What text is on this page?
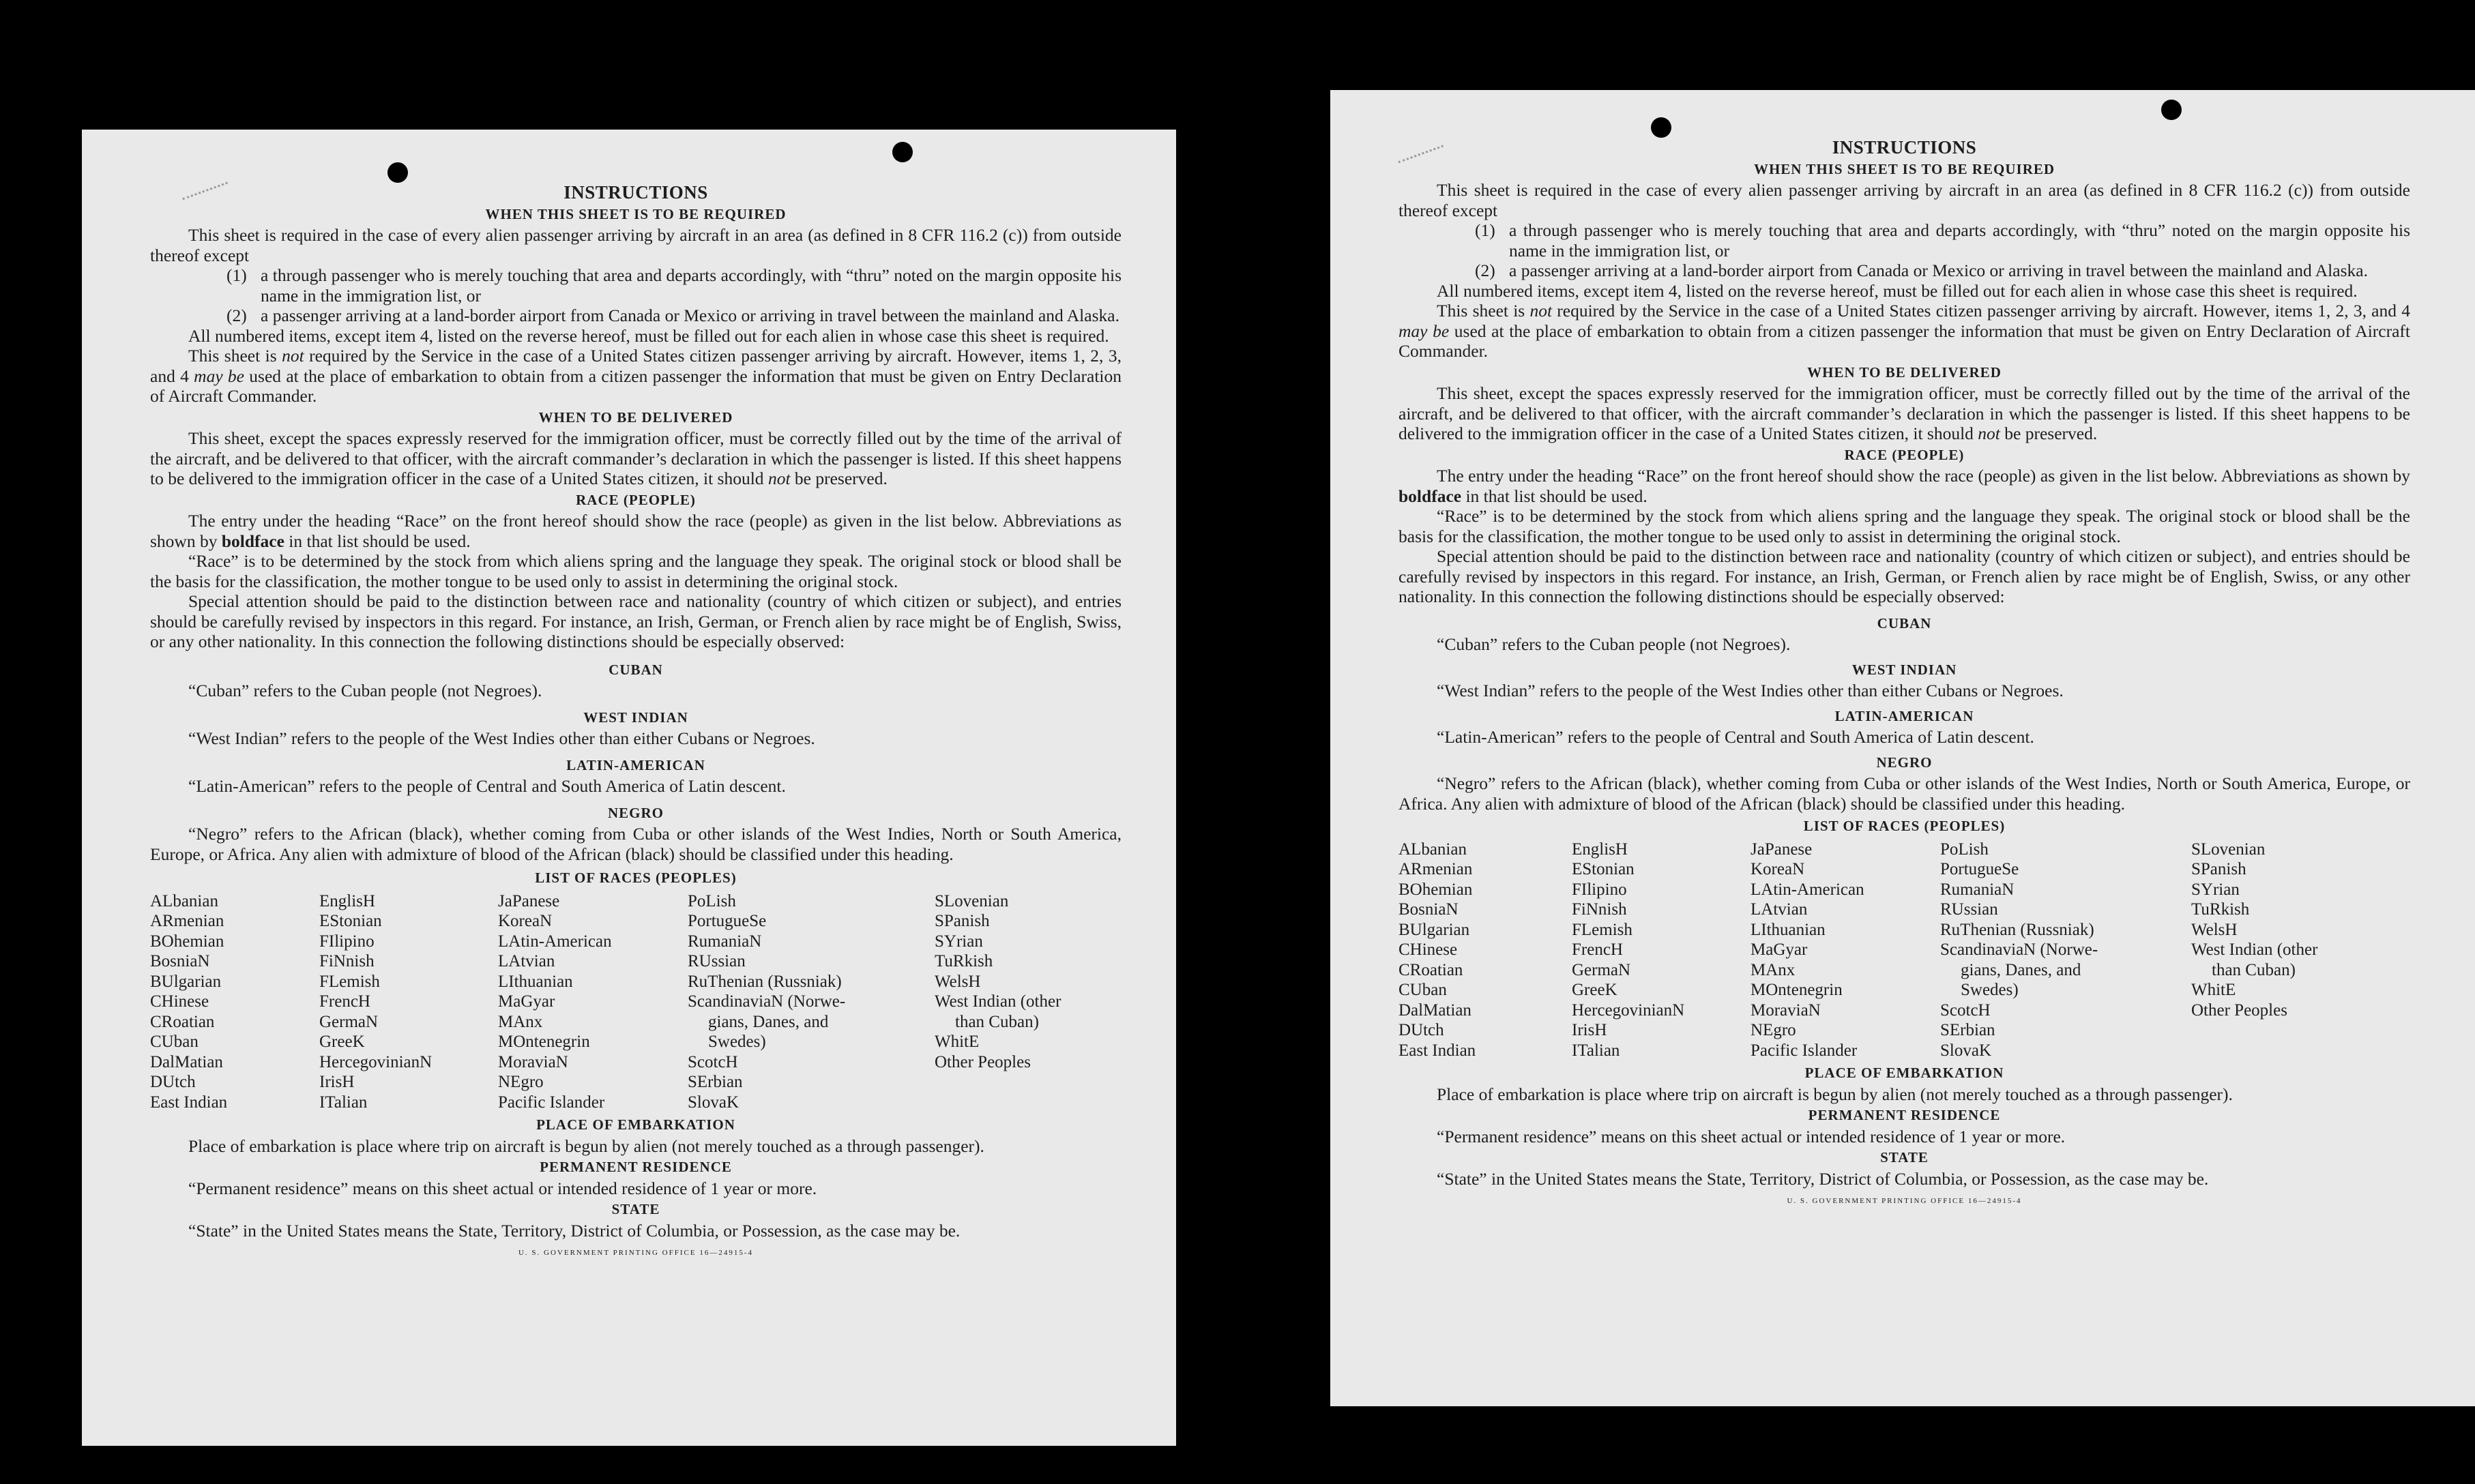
INSTRUCTIONS
WHEN THIS SHEET IS TO BE REQUIRED

This sheet is required in the case of every alien passenger arriving by aircraft in an area (as defined in 8 CFR 116.2 (c)) from outside thereof except

(1) a through passenger who is merely touching that area and departs accordingly, with “thru” noted on the margin opposite his name in the immigration list, or
(2) a passenger arriving at a land-border airport from Canada or Mexico or arriving in travel between the mainland and Alaska.

All numbered items, except item 4, listed on the reverse hereof, must be filled out for each alien in whose case this sheet is required.

This sheet is not required by the Service in the case of a United States citizen passenger arriving by aircraft. However, items 1, 2, 3, and 4 may be used at the place of embarkation to obtain from a citizen passenger the information that must be given on Entry Declaration of Aircraft Commander.

WHEN TO BE DELIVERED

This sheet, except the spaces expressly reserved for the immigration officer, must be correctly filled out by the time of the arrival of the aircraft, and be delivered to that officer, with the aircraft commander’s declaration in which the passenger is listed. If this sheet happens to be delivered to the immigration officer in the case of a United States citizen, it should not be preserved.

RACE (PEOPLE)

The entry under the heading “Race” on the front hereof should show the race (people) as given in the list below. Abbreviations as shown by boldface in that list should be used.

“Race” is to be determined by the stock from which aliens spring and the language they speak. The original stock or blood shall be the basis for the classification, the mother tongue to be used only to assist in determining the original stock.

Special attention should be paid to the distinction between race and nationality (country of which citizen or subject), and entries should be carefully revised by inspectors in this regard. For instance, an Irish, German, or French alien by race might be of English, Swiss, or any other nationality. In this connection the following distinctions should be especially observed:

CUBAN

“Cuban” refers to the Cuban people (not Negroes).

WEST INDIAN

“West Indian” refers to the people of the West Indies other than either Cubans or Negroes.

LATIN-AMERICAN

“Latin-American” refers to the people of Central and South America of Latin descent.

NEGRO

“Negro” refers to the African (black), whether coming from Cuba or other islands of the West Indies, North or South America, Europe, or Africa. Any alien with admixture of blood of the African (black) should be classified under this heading.

LIST OF RACES (PEOPLES)
ALbanian
ARmenian
BOhemian
BosniaN
BUlgarian
CHinese
CRoatian
CUban
DalMatian
DUtch
East Indian
EnglisH
EStonian
FIlipino
FiNnish
FLemish
FrencH
GermaN
GreeK
HercegovinianN
IrisH
ITalian
JaPanese
KoreaN
LAtin-American
LAtvian
LIthuanian
MaGyar
MAnx
MOntenegrin
MoraviaN
NEgro
Pacific Islander
PoLish
PortugueSe
RumaniaN
RUssian
RuThenian (Russniak)
ScandinaviaN (Norwe-
gians, Danes, and
Swedes)
ScotcH
SErbian
SlovaK
SLovenian
SPanish
SYrian
TuRkish
WelsH
West Indian (other
than Cuban)
WhitE
Other Peoples
PLACE OF EMBARKATION

Place of embarkation is place where trip on aircraft is begun by alien (not merely touched as a through passenger).

PERMANENT RESIDENCE

“Permanent residence” means on this sheet actual or intended residence of 1 year or more.

STATE

“State” in the United States means the State, Territory, District of Columbia, or Possession, as the case may be.

U. S. GOVERNMENT PRINTING OFFICE 16—24915-4
INSTRUCTIONS
WHEN THIS SHEET IS TO BE REQUIRED

This sheet is required in the case of every alien passenger arriving by aircraft in an area (as defined in 8 CFR 116.2 (c)) from outside thereof except

(1) a through passenger who is merely touching that area and departs accordingly, with “thru” noted on the margin opposite his name in the immigration list, or
(2) a passenger arriving at a land-border airport from Canada or Mexico or arriving in travel between the mainland and Alaska.

All numbered items, except item 4, listed on the reverse hereof, must be filled out for each alien in whose case this sheet is required.

This sheet is not required by the Service in the case of a United States citizen passenger arriving by aircraft. However, items 1, 2, 3, and 4 may be used at the place of embarkation to obtain from a citizen passenger the information that must be given on Entry Declaration of Aircraft Commander.

WHEN TO BE DELIVERED

This sheet, except the spaces expressly reserved for the immigration officer, must be correctly filled out by the time of the arrival of the aircraft, and be delivered to that officer, with the aircraft commander’s declaration in which the passenger is listed. If this sheet happens to be delivered to the immigration officer in the case of a United States citizen, it should not be preserved.

RACE (PEOPLE)

The entry under the heading “Race” on the front hereof should show the race (people) as given in the list below. Abbreviations as shown by boldface in that list should be used.

“Race” is to be determined by the stock from which aliens spring and the language they speak. The original stock or blood shall be the basis for the classification, the mother tongue to be used only to assist in determining the original stock.

Special attention should be paid to the distinction between race and nationality (country of which citizen or subject), and entries should be carefully revised by inspectors in this regard. For instance, an Irish, German, or French alien by race might be of English, Swiss, or any other nationality. In this connection the following distinctions should be especially observed:

CUBAN

“Cuban” refers to the Cuban people (not Negroes).

WEST INDIAN

“West Indian” refers to the people of the West Indies other than either Cubans or Negroes.

LATIN-AMERICAN

“Latin-American” refers to the people of Central and South America of Latin descent.

NEGRO

“Negro” refers to the African (black), whether coming from Cuba or other islands of the West Indies, North or South America, Europe, or Africa. Any alien with admixture of blood of the African (black) should be classified under this heading.

LIST OF RACES (PEOPLES)
ALbanian
ARmenian
BOhemian
BosniaN
BUlgarian
CHinese
CRoatian
CUban
DalMatian
DUtch
East Indian
EnglisH
EStonian
FIlipino
FiNnish
FLemish
FrencH
GermaN
GreeK
HercegovinianN
IrisH
ITalian
JaPanese
KoreaN
LAtin-American
LAtvian
LIthuanian
MaGyar
MAnx
MOntenegrin
MoraviaN
NEgro
Pacific Islander
PoLish
PortugueSe
RumaniaN
RUssian
RuThenian (Russniak)
ScandinaviaN (Norwe-
gians, Danes, and
Swedes)
ScotcH
SErbian
SlovaK
SLovenian
SPanish
SYrian
TuRkish
WelsH
West Indian (other
than Cuban)
WhitE
Other Peoples
PLACE OF EMBARKATION

Place of embarkation is place where trip on aircraft is begun by alien (not merely touched as a through passenger).

PERMANENT RESIDENCE

“Permanent residence” means on this sheet actual or intended residence of 1 year or more.

STATE

“State” in the United States means the State, Territory, District of Columbia, or Possession, as the case may be.

U. S. GOVERNMENT PRINTING OFFICE 16—24915-4
